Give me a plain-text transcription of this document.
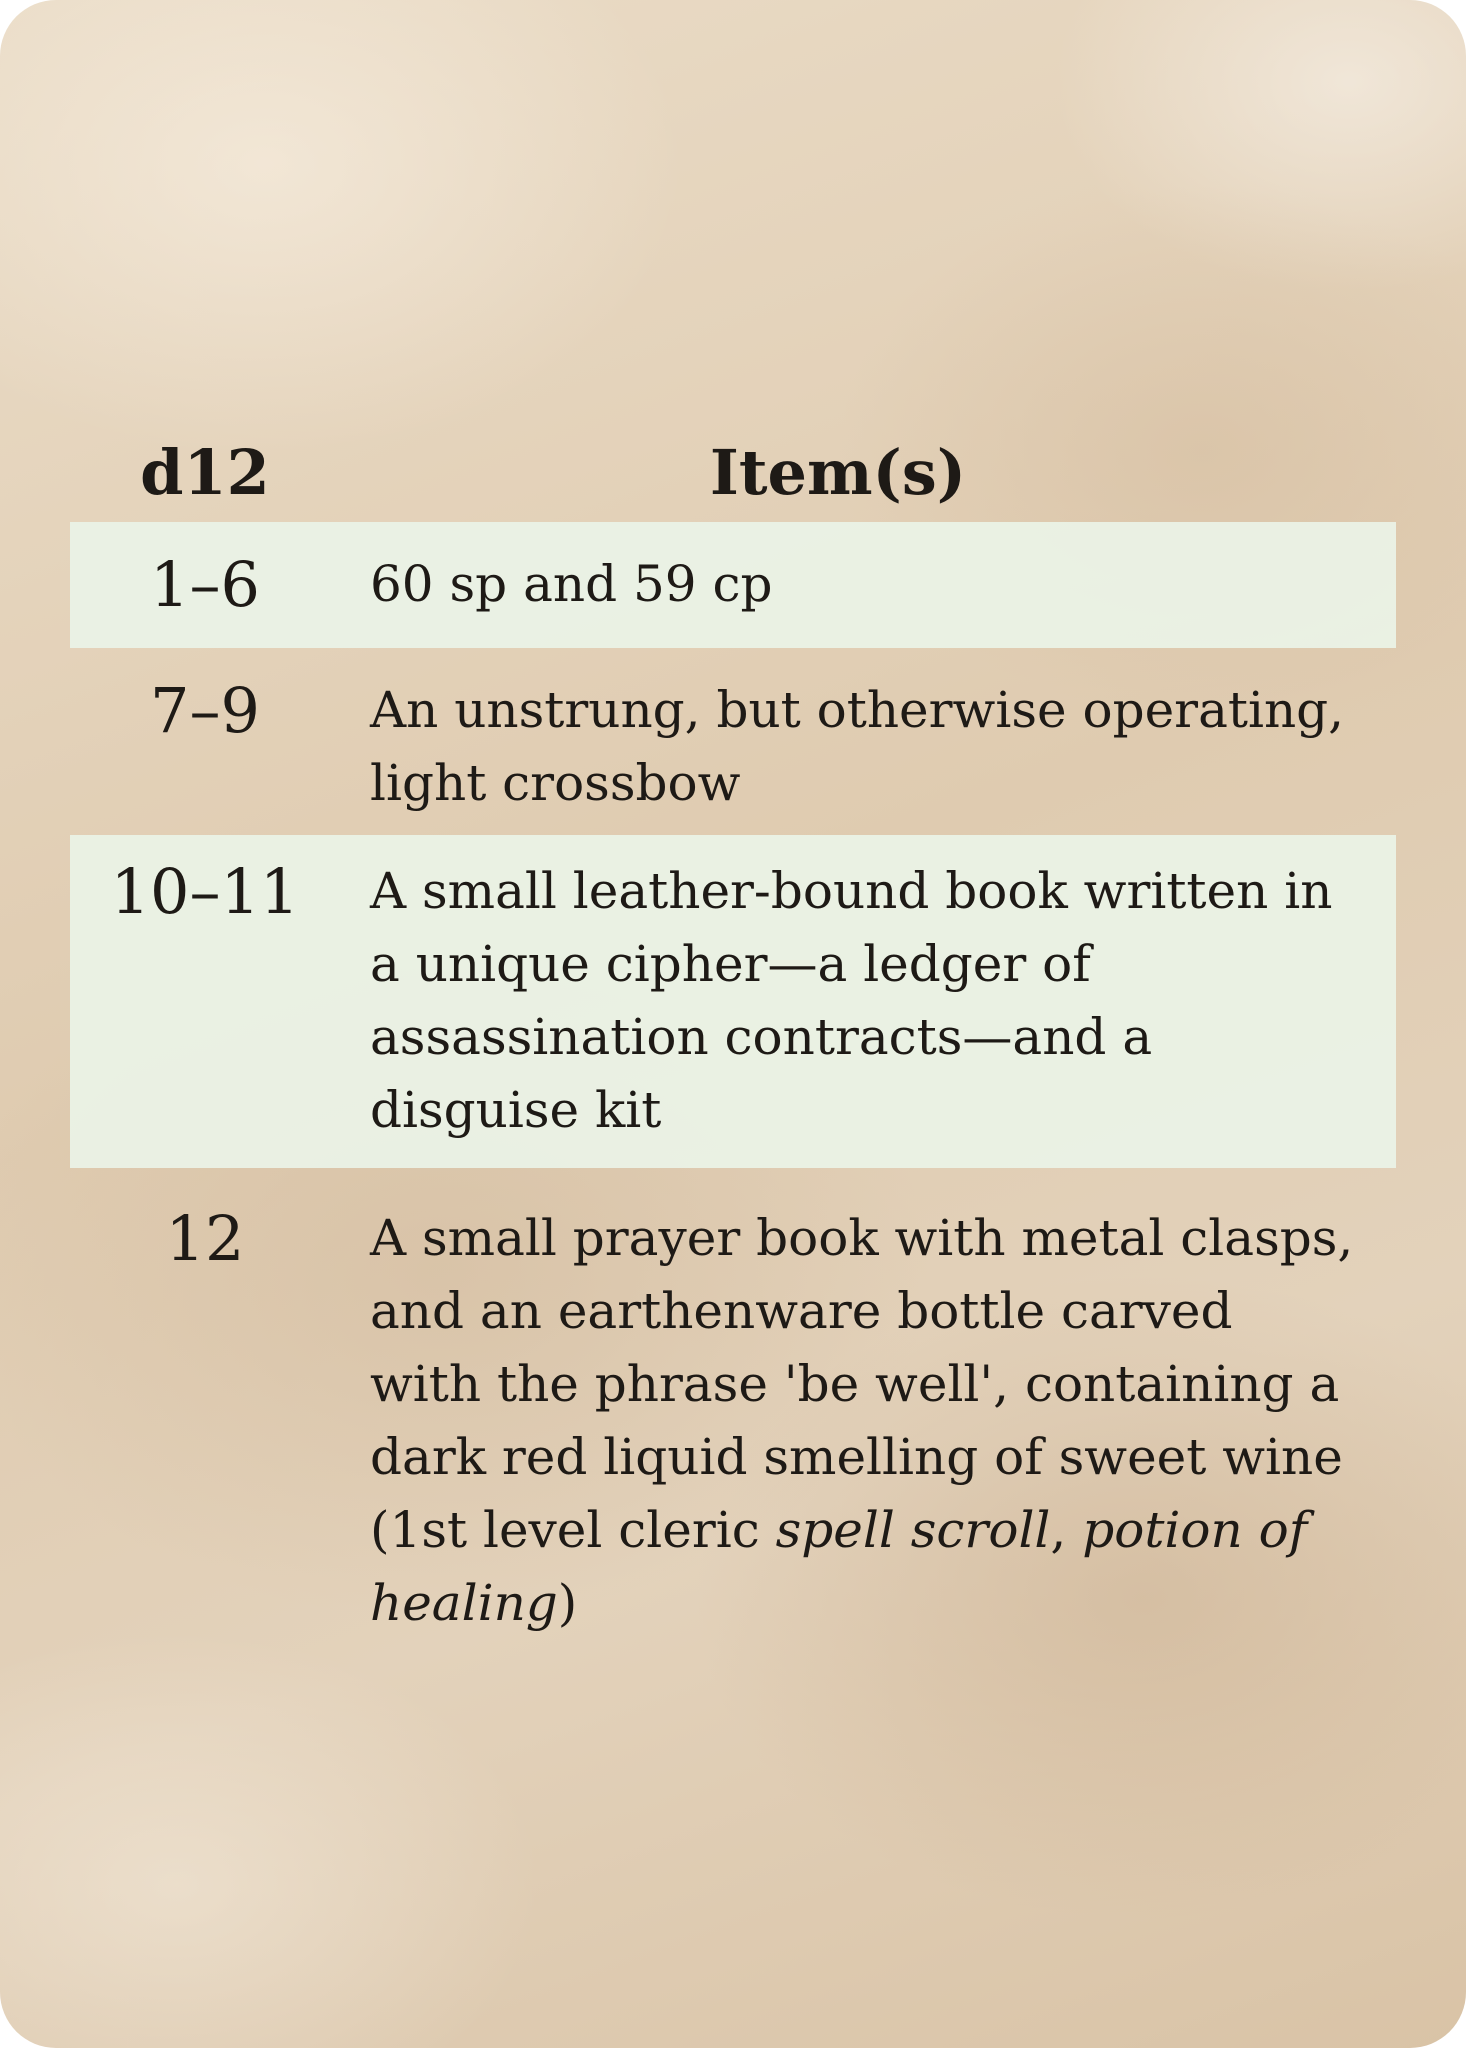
d12	Item(s)
1–6	60 sp and 59 cp
7–9	An unstrung, but otherwise operating, light crossbow
10–11	A small leather-bound book written in a unique cipher—a ledger of assassination contracts—and a disguise kit
12	A small prayer book with metal clasps, and an earthenware bottle carved with the phrase 'be well', containing a dark red liquid smelling of sweet wine (1st level cleric spell scroll, potion of healing)
